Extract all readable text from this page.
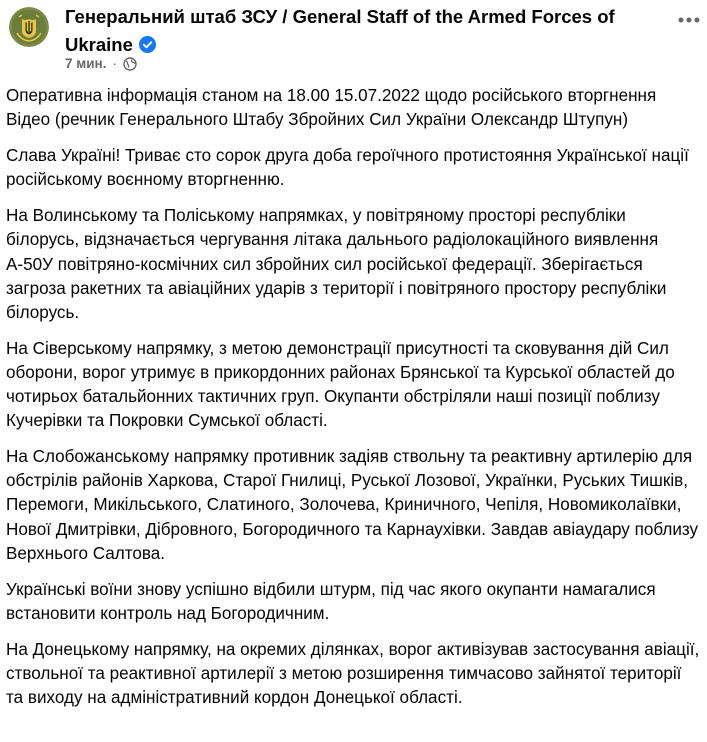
Генеральний штаб ЗСУ / General Staff of the Armed Forces of Ukraine
7 мин. ·

Оперативна інформація станом на 18.00 15.07.2022 щодо російського вторгнення
Відео (речник Генерального Штабу Збройних Сил України Олександр Штупун)

Слава Україні! Триває сто сорок друга доба героїчного протистояння Української нації російському воєнному вторгненню.

На Волинському та Поліському напрямках, у повітряному просторі республіки білорусь, відзначається чергування літака дальнього радіолокаційного виявлення А-50У повітряно-космічних сил збройних сил російської федерації. Зберігається загроза ракетних та авіаційних ударів з території і повітряного простору республіки білорусь.

На Сіверському напрямку, з метою демонстрації присутності та сковування дій Сил оборони, ворог утримує в прикордонних районах Брянської та Курської областей до чотирьох батальйонних тактичних груп. Окупанти обстріляли наші позиції поблизу Кучерівки та Покровки Сумської області.

На Слобожанському напрямку противник задіяв ствольну та реактивну артилерію для обстрілів районів Харкова, Старої Гнилиці, Руської Лозової, Українки, Руських Тишків, Перемоги, Микільського, Слатиного, Золочева, Криничного, Чепіля, Новомиколаївки, Нової Дмитрівки, Дібровного, Богородичного та Карнаухівки. Завдав авіаудару поблизу Верхнього Салтова.

Українські воїни знову успішно відбили штурм, під час якого окупанти намагалися встановити контроль над Богородичним.

На Донецькому напрямку, на окремих ділянках, ворог активізував застосування авіації, ствольної та реактивної артилерії з метою розширення тимчасово зайнятої території та виходу на адміністративний кордон Донецької області.
